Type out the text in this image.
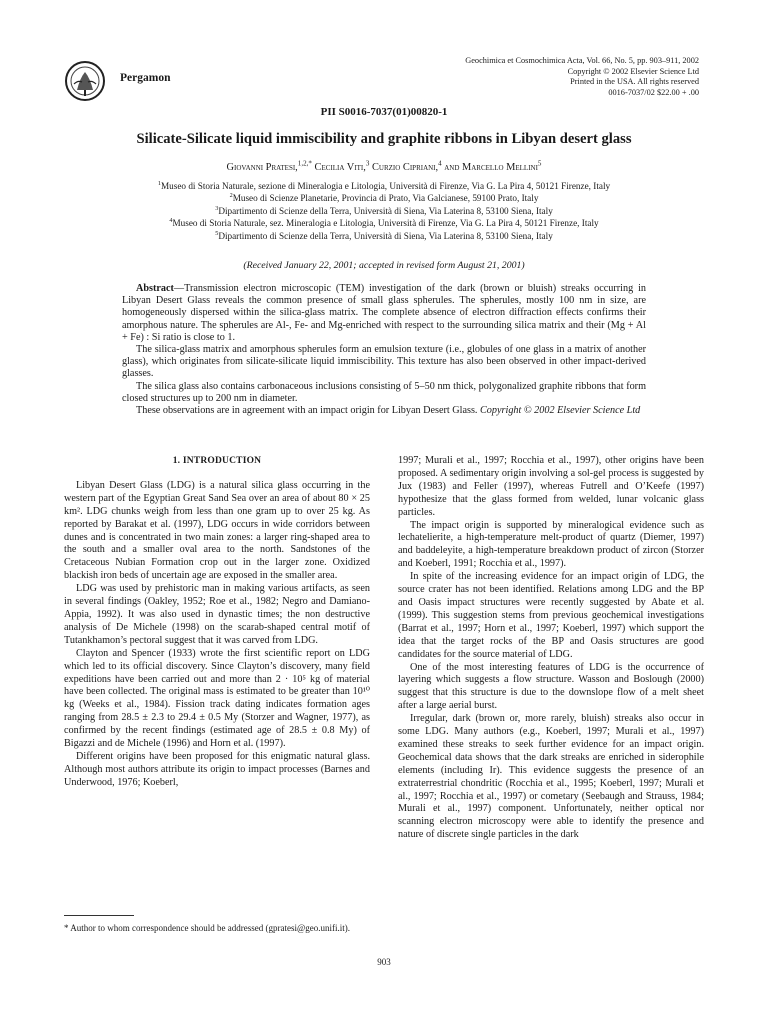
Pergamon
Geochimica et Cosmochimica Acta, Vol. 66, No. 5, pp. 903–911, 2002
Copyright © 2002 Elsevier Science Ltd
Printed in the USA. All rights reserved
0016-7037/02 $22.00 + .00
PII S0016-7037(01)00820-1
Silicate-Silicate liquid immiscibility and graphite ribbons in Libyan desert glass
Giovanni Pratesi,$^{1,2,*}$ Cecilia Viti,$^3$ Curzio Cipriani,$^4$ and Marcello Mellini$^5$
$^1$Museo di Storia Naturale, sezione di Mineralogia e Litologia, Università di Firenze, Via G. La Pira 4, 50121 Firenze, Italy
$^2$Museo di Scienze Planetarie, Provincia di Prato, Via Galcianese, 59100 Prato, Italy
$^3$Dipartimento di Scienze della Terra, Università di Siena, Via Laterina 8, 53100 Siena, Italy
$^4$Museo di Storia Naturale, sez. Mineralogia e Litologia, Università di Firenze, Via G. La Pira 4, 50121 Firenze, Italy
$^5$Dipartimento di Scienze della Terra, Università di Siena, Via Laterina 8, 53100 Siena, Italy
(Received January 22, 2001; accepted in revised form August 21, 2001)

Abstract—Transmission electron microscopic (TEM) investigation of the dark (brown or bluish) streaks occurring in Libyan Desert Glass reveals the common presence of small glass spherules. The spherules, mostly 100 nm in size, are homogeneously dispersed within the silica-glass matrix. The complete absence of electron diffraction effects confirms their amorphous nature. The spherules are Al-, Fe- and Mg-enriched with respect to the surrounding silica matrix and their (Mg + Al + Fe) : Si ratio is close to 1.

The silica-glass matrix and amorphous spherules form an emulsion texture (i.e., globules of one glass in a matrix of another glass), which originates from silicate-silicate liquid immiscibility. This texture has also been observed in other impact-derived glasses.

The silica glass also contains carbonaceous inclusions consisting of 5–50 nm thick, polygonalized graphite ribbons that form closed structures up to 200 nm in diameter.

These observations are in agreement with an impact origin for Libyan Desert Glass. Copyright © 2002 Elsevier Science Ltd

1. INTRODUCTION

Libyan Desert Glass (LDG) is a natural silica glass occurring in the western part of the Egyptian Great Sand Sea over an area of about 80 × 25 km². LDG chunks weigh from less than one gram up to over 25 kg. As reported by Barakat et al. (1997), LDG occurs in wide corridors between dunes and is concentrated in two main zones: a larger ring-shaped area to the south and a smaller oval area to the north. Sandstones of the Cretaceous Nubian Formation crop out in the larger zone. Oxidized blackish iron beds of uncertain age are exposed in the smaller area.

LDG was used by prehistoric man in making various artifacts, as seen in several findings (Oakley, 1952; Roe et al., 1982; Negro and Damiano-Appia, 1992). It was also used in dynastic times; the non destructive analysis of De Michele (1998) on the scarab-shaped central motif of Tutankhamon’s pectoral suggest that it was carved from LDG.

Clayton and Spencer (1933) wrote the first scientific report on LDG which led to its official discovery. Since Clayton’s discovery, many field expeditions have been carried out and more than 2 · 10⁵ kg of material have been collected. The original mass is estimated to be greater than 10¹⁰ kg (Weeks et al., 1984). Fission track dating indicates formation ages ranging from 28.5 ± 2.3 to 29.4 ± 0.5 My (Storzer and Wagner, 1977), as confirmed by the recent findings (estimated age of 28.5 ± 0.8 My) of Bigazzi and de Michele (1996) and Horn et al. (1997).

Different origins have been proposed for this enigmatic natural glass. Although most authors attribute its origin to impact processes (Barnes and Underwood, 1976; Koeberl,

1997; Murali et al., 1997; Rocchia et al., 1997), other origins have been proposed. A sedimentary origin involving a sol-gel process is suggested by Jux (1983) and Feller (1997), whereas Futrell and O’Keefe (1997) hypothesize that the glass formed from welded, lunar volcanic glass particles.

The impact origin is supported by mineralogical evidence such as lechatelierite, a high-temperature melt-product of quartz (Diemer, 1997) and baddeleyite, a high-temperature breakdown product of zircon (Storzer and Koeberl, 1991; Rocchia et al., 1997).

In spite of the increasing evidence for an impact origin of LDG, the source crater has not been identified. Relations among LDG and the BP and Oasis impact structures were recently suggested by Abate et al. (1999). This suggestion stems from previous geochemical investigations (Barrat et al., 1997; Horn et al., 1997; Koeberl, 1997) which support the idea that the target rocks of the BP and Oasis structures are good candidates for the source material of LDG.

One of the most interesting features of LDG is the occurrence of layering which suggests a flow structure. Wasson and Boslough (2000) suggest that this structure is due to the downslope flow of a melt sheet after a large aerial burst.

Irregular, dark (brown or, more rarely, bluish) streaks also occur in some LDG. Many authors (e.g., Koeberl, 1997; Murali et al., 1997) examined these streaks to seek further evidence for an impact origin. Geochemical data shows that the dark streaks are enriched in siderophile elements (including Ir). This evidence suggests the presence of an extraterrestrial chondritic (Rocchia et al., 1995; Koeberl, 1997; Murali et al., 1997; Rocchia et al., 1997) or cometary (Seebaugh and Strauss, 1984; Murali et al., 1997) component. Unfortunately, neither optical nor scanning electron microscopy were able to identify the presence and nature of discrete single particles in the dark

* Author to whom correspondence should be addressed (gpratesi@geo.unifi.it).
903
